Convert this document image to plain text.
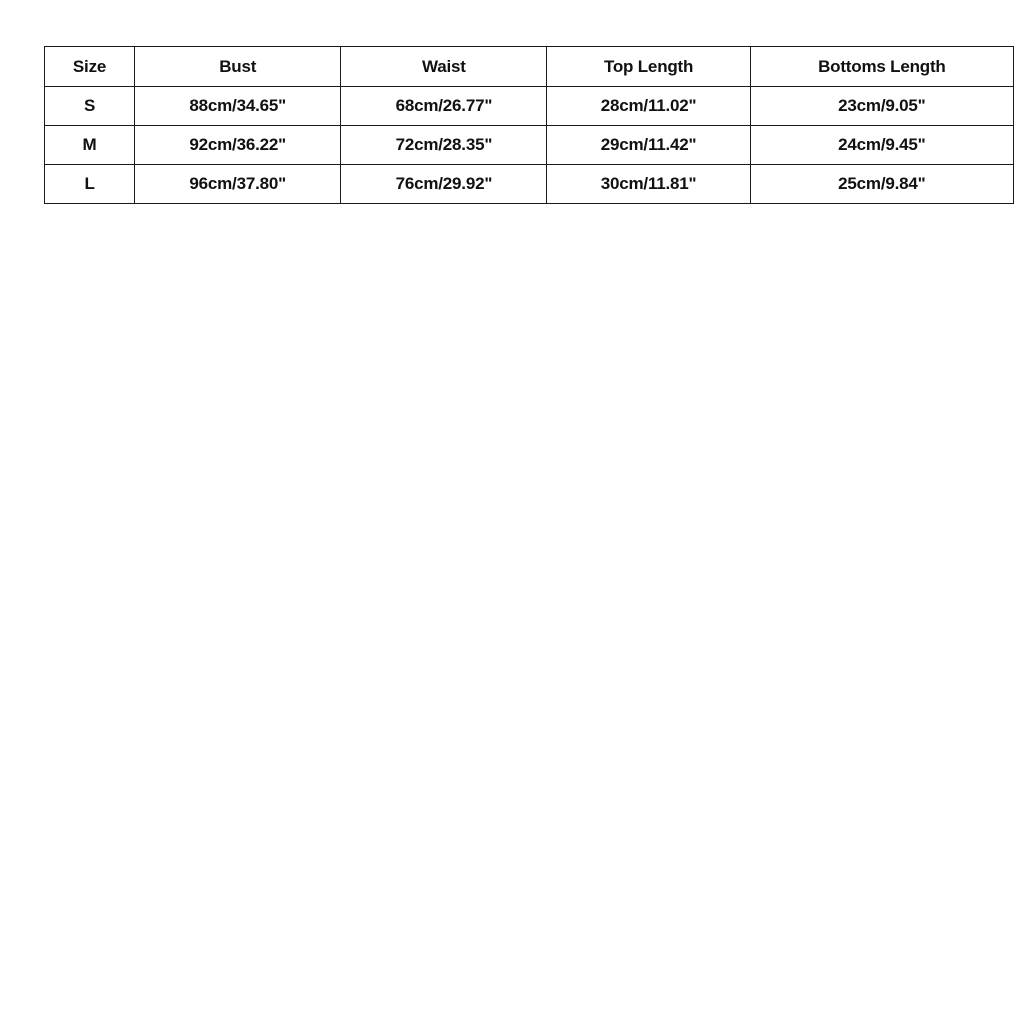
Size	Bust	Waist	Top Length	Bottoms Length
S	88cm/34.65"	68cm/26.77"	28cm/11.02"	23cm/9.05"
M	92cm/36.22"	72cm/28.35"	29cm/11.42"	24cm/9.45"
L	96cm/37.80"	76cm/29.92"	30cm/11.81"	25cm/9.84"
